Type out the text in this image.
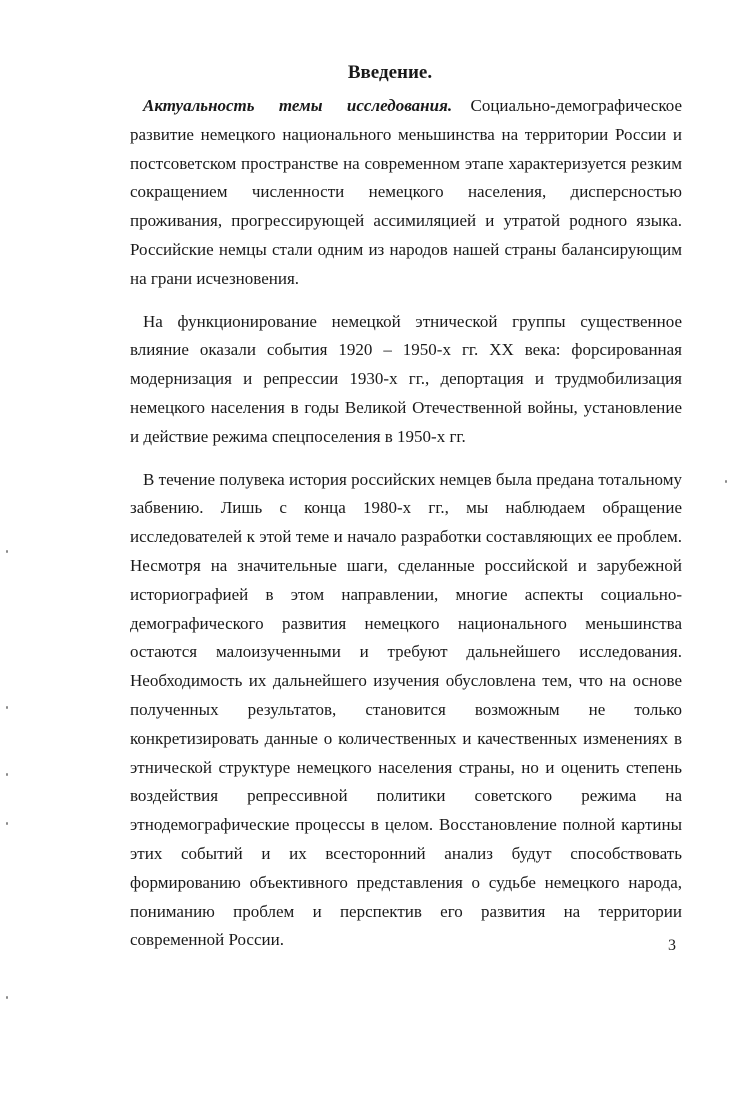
Введение.

Актуальность темы исследования. Социально-демографическое развитие немецкого национального меньшинства на территории России и постсоветском пространстве на современном этапе характеризуется резким сокращением численности немецкого населения, дисперсностью проживания, прогрессирующей ассимиляцией и утратой родного языка. Российские немцы стали одним из народов нашей страны балансирующим на грани исчезновения.

На функционирование немецкой этнической группы существенное влияние оказали события 1920 – 1950-х гг. XX века: форсированная модернизация и репрессии 1930-х гг., депортация и трудмобилизация немецкого населения в годы Великой Отечественной войны, установление и действие режима спецпоселения в 1950-х гг.

В течение полувека история российских немцев была предана тотальному забвению. Лишь с конца 1980-х гг., мы наблюдаем обращение исследователей к этой теме и начало разработки составляющих ее проблем. Несмотря на значительные шаги, сделанные российской и зарубежной историографией в этом направлении, многие аспекты социально-демографического развития немецкого национального меньшинства остаются малоизученными и требуют дальнейшего исследования. Необходимость их дальнейшего изучения обусловлена тем, что на основе полученных результатов, становится возможным не только конкретизировать данные о количественных и качественных изменениях в этнической структуре немецкого населения страны, но и оценить степень воздействия репрессивной политики советского режима на этнодемографические процессы в целом. Восстановление полной картины этих событий и их всесторонний анализ будут способствовать формированию объективного представления о судьбе немецкого народа, пониманию проблем и перспектив его развития на территории современной России.	3
